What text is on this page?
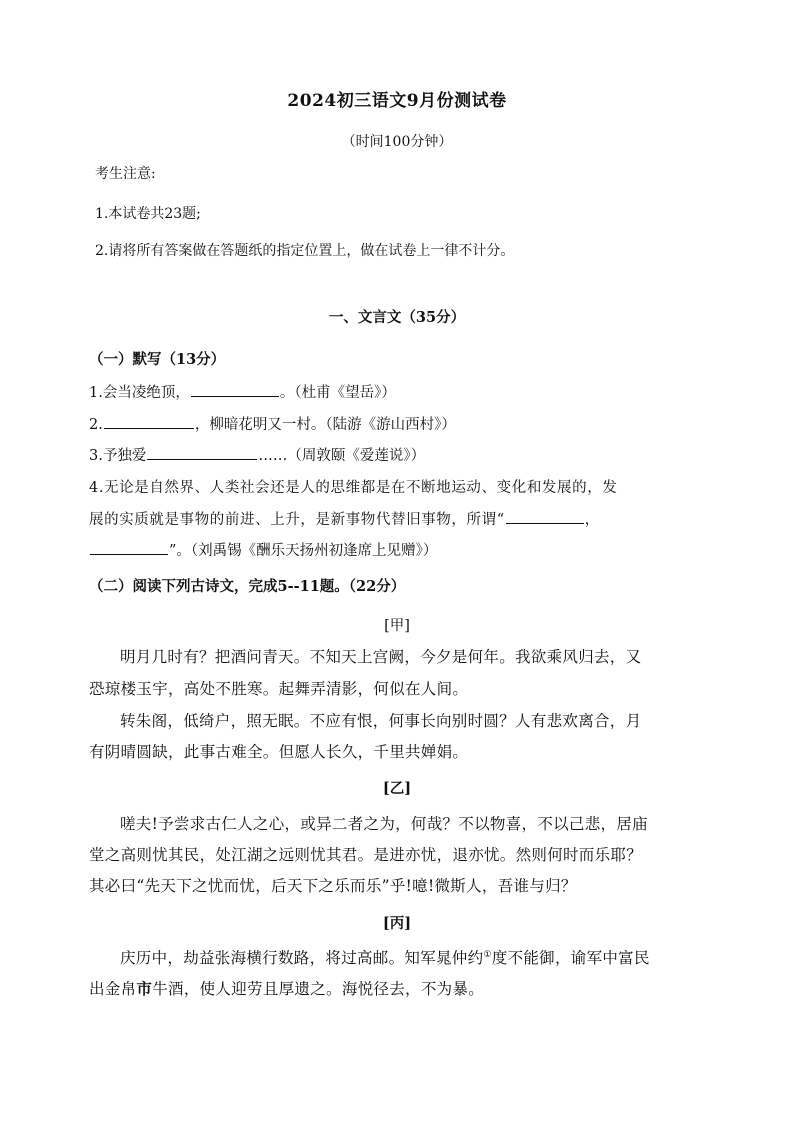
2024初三语文9月份测试卷
（时间100分钟）
考生注意:
1.本试卷共23题;
2.请将所有答案做在答题纸的指定位置上，做在试卷上一律不计分。
一、文言文（35分）
（一）默写（13分）
1.会当凌绝顶，	。（杜甫《望岳》）
2.	，柳暗花明又一村。（陆游《游山西村》）
3.予独爱	……（周敦颐《爱莲说》）
4.无论是自然界、人类社会还是人的思维都是在不断地运动、变化和发展的，发
展的实质就是事物的前进、上升，是新事物代替旧事物，所谓“	，
”。（刘禹锡《酬乐天扬州初逢席上见赠》）
（二）阅读下列古诗文，完成5--11题。（22分）
[甲]
明月几时有？把酒问青天。不知天上宫阙，今夕是何年。我欲乘风归去，又
恐琼楼玉宇，高处不胜寒。起舞弄清影，何似在人间。
转朱阁，低绮户，照无眠。不应有恨，何事长向别时圆？人有悲欢离合，月
有阴晴圆缺，此事古难全。但愿人长久，千里共婵娟。
[乙]
嗟夫!予尝求古仁人之心，或异二者之为，何哉？不以物喜，不以己悲，居庙
堂之高则忧其民，处江湖之远则忧其君。是进亦忧，退亦忧。然则何时而乐耶？
其必曰“先天下之忧而忧，后天下之乐而乐”乎!噫!微斯人，吾谁与归？
[丙]
庆历中，劫益张海横行数路，将过高邮。知军晁仲约①度不能御，谕军中富民
出金帛市牛酒，使人迎劳且厚遗之。海悦径去，不为暴。
